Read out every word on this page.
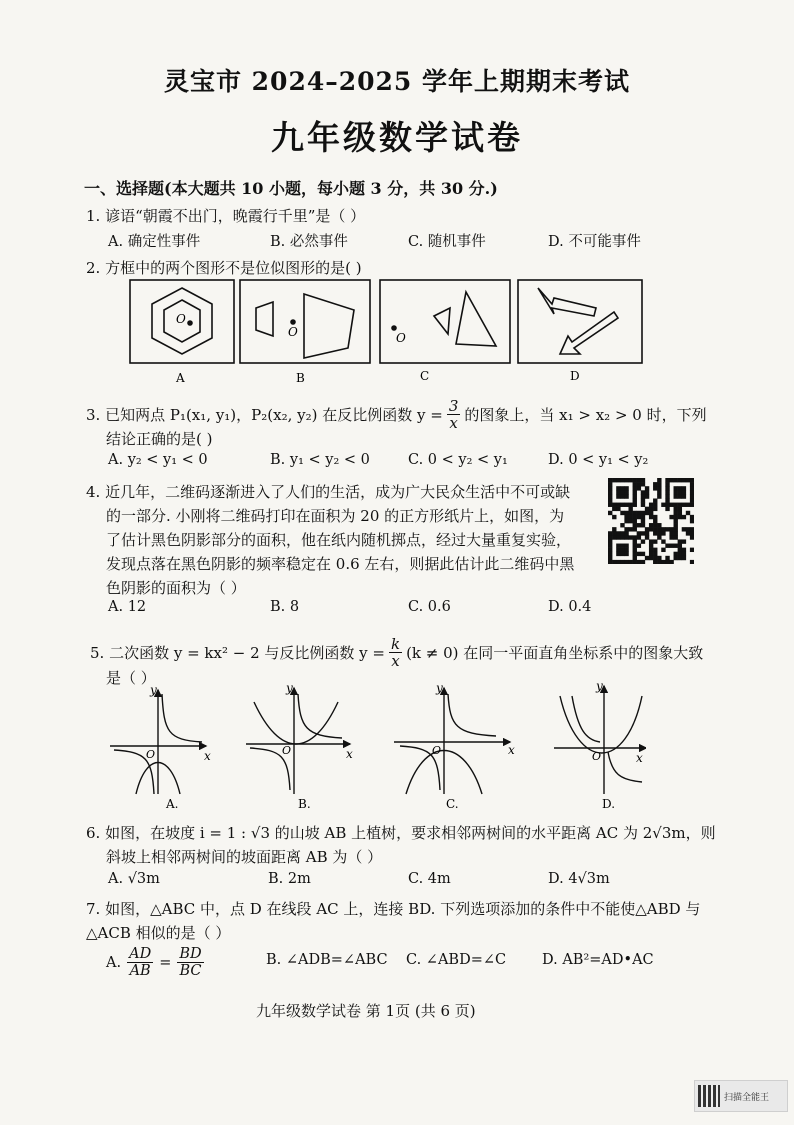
灵宝市 2024–2025 学年上期期末考试
九年级数学试卷
一、选择题(本大题共 10 小题，每小题 3 分，共 30 分.)
1. 谚语“朝霞不出门，晚霞行千里”是（ ）
A. 确定性事件	B. 必然事件	C. 随机事件	D. 不可能事件
2. 方框中的两个图形不是位似图形的是( )
O
O	O
A	B	C	D
3. 已知两点 P₁(x₁, y₁)，P₂(x₂, y₂) 在反比例函数 $y = \frac{3}{x}$ 的图象上，当 x₁ > x₂ > 0 时，下列
结论正确的是( )
A. y₂ < y₁ < 0	B. y₁ < y₂ < 0	C. 0 < y₂ < y₁	D. 0 < y₁ < y₂
4. 近几年，二维码逐渐进入了人们的生活，成为广大民众生活中不可或缺
的一部分. 小刚将二维码打印在面积为 20 的正方形纸片上，如图，为
了估计黑色阴影部分的面积，他在纸内随机掷点，经过大量重复实验，
发现点落在黑色阴影的频率稳定在 0.6 左右，则据此估计此二维码中黑
色阴影的面积为（ ）
A. 12	B. 8	C. 0.6	D. 0.4
5. 二次函数 y = kx² − 2 与反比例函数 $y = \frac{k}{x} (k \ne 0)$ 在同一平面直角坐标系中的图象大致
是（ ）
y
x
O
A.
y
x
O
B.
y
x
O
C.
y
x
O
D.
6. 如图，在坡度 i = 1 : √3 的山坡 AB 上植树，要求相邻两树间的水平距离 AC 为 2√3m，则
斜坡上相邻两树间的坡面距离 AB 为（ ）
A. √3m	B. 2m	C. 4m	D. 4√3m
7. 如图，△ABC 中，点 D 在线段 AC 上，连接 BD. 下列选项添加的条件中不能使△ABD 与
△ACB 相似的是（ ）
A. $\frac{AD}{AB} = \frac{BD}{BC}$	B. ∠ADB=∠ABC C. ∠ABD=∠C D. AB²=AD•AC
九年级数学试卷 第 1页 (共 6 页)
扫描全能王
